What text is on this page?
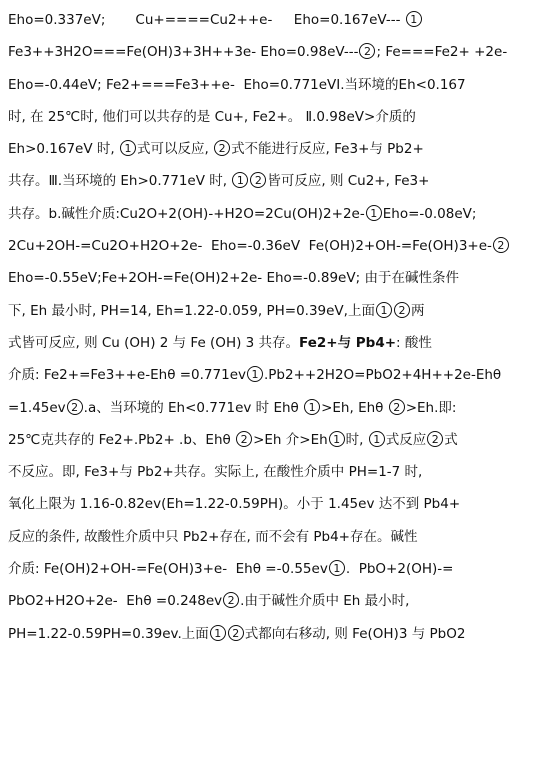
Eho=0.337eV;       Cu+====Cu2++e-     Eho=0.167eV--- 1
Fe3++3H2O===Fe(OH)3+3H++3e- Eho=0.98eV--- 2 ; Fe===Fe2+ +2e-
Eho=-0.44eV; Fe2+===Fe3++e-  Eho=0.771eVⅠ.当环境的Eh<0.167
时, 在 25℃时, 他们可以共存的是 Cu+, Fe2+。 Ⅱ.0.98eV>介质的
Eh>0.167eV 时, 1 式可以反应, 2 式不能进行反应, Fe3+与 Pb2+
共存。Ⅲ.当环境的 Eh>0.771eV 时, 1 2 皆可反应, 则 Cu2+, Fe3+
共存。b.碱性介质:Cu2O+2(OH)-+H2O=2Cu(OH)2+2e- 1 Eho=-0.08eV;
2Cu+2OH-=Cu2O+H2O+2e-  Eho=-0.36eV  Fe(OH)2+OH-=Fe(OH)3+e- 2
Eho=-0.55eV;Fe+2OH-=Fe(OH)2+2e- Eho=-0.89eV; 由于在碱性条件
下, Eh 最小时, PH=14, Eh=1.22-0.059, PH=0.39eV,上面 1 2 两
式皆可反应, 则 Cu (OH) 2 与 Fe (OH) 3 共存。Fe2+与 Pb4+: 酸性
介质: Fe2+=Fe3++e-Ehθ =0.771ev 1 .Pb2++2H2O=PbO2+4H++2e-Ehθ
=1.45ev 2 .a、当环境的 Eh<0.771ev 时 Ehθ 1 >Eh, Ehθ 2 >Eh.即:
25℃克共存的 Fe2+.Pb2+ .b、Ehθ 2 >Eh 介>Eh 1 时, 1 式反应 2 式
不反应。即, Fe3+与 Pb2+共存。实际上, 在酸性介质中 PH=1-7 时,
氧化上限为 1.16-0.82ev(Eh=1.22-0.59PH)。小于 1.45ev 达不到 Pb4+
反应的条件, 故酸性介质中只 Pb2+存在, 而不会有 Pb4+存在。碱性
介质: Fe(OH)2+OH-=Fe(OH)3+e-  Ehθ =-0.55ev 1 .  PbO+2(OH)-=
PbO2+H2O+2e-  Ehθ =0.248ev 2 .由于碱性介质中 Eh 最小时,
PH=1.22-0.59PH=0.39ev.上面 1 2 式都向右移动, 则 Fe(OH)3 与 PbO2
